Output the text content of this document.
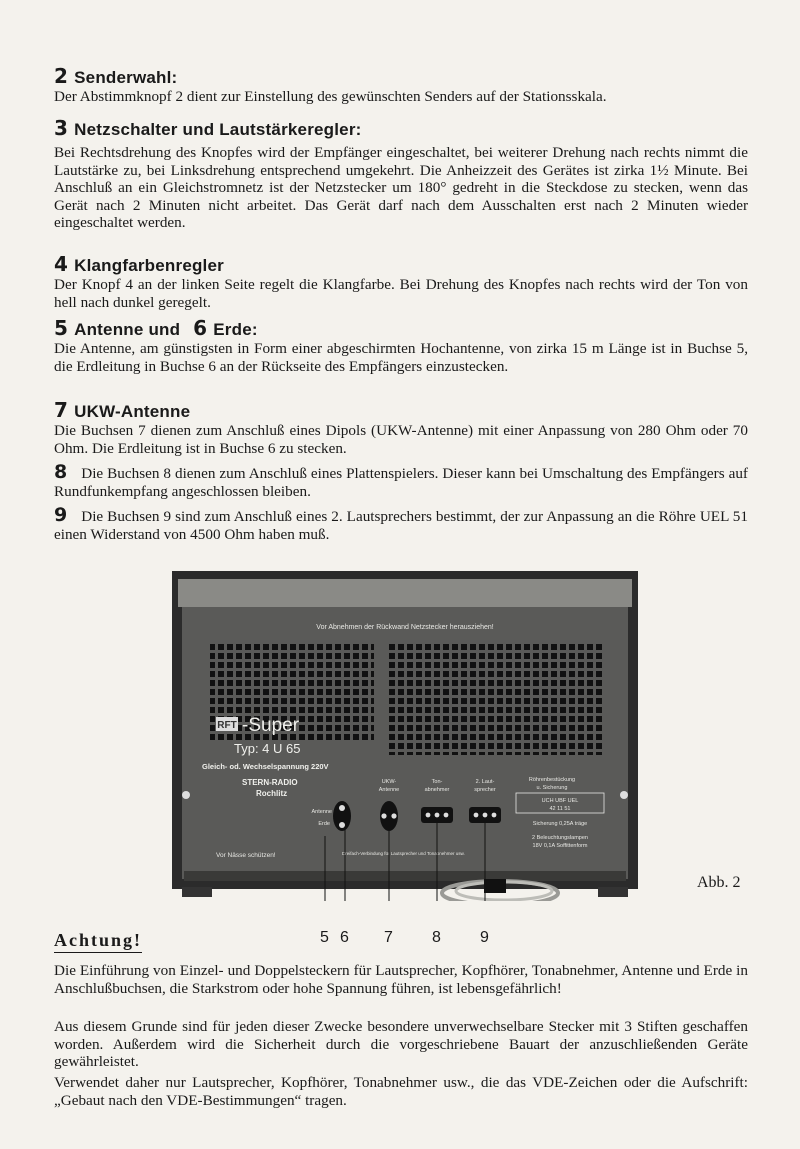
2 Senderwahl:
Der Abstimmknopf 2 dient zur Einstellung des gewünschten Senders auf der Stationsskala.
3 Netzschalter und Lautstärkeregler:
Bei Rechtsdrehung des Knopfes wird der Empfänger eingeschaltet, bei weiterer Drehung nach rechts nimmt die Lautstärke zu, bei Linksdrehung entsprechend umgekehrt. Die Anheizzeit des Gerätes ist zirka 1½ Minute. Bei Anschluß an ein Gleichstromnetz ist der Netzstecker um 180° gedreht in die Steckdose zu stecken, wenn das Gerät nach 2 Minuten nicht arbeitet. Das Gerät darf nach dem Ausschalten erst nach 2 Minuten wieder eingeschaltet werden.
4 Klangfarbenregler
Der Knopf 4 an der linken Seite regelt die Klangfarbe. Bei Drehung des Knopfes nach rechts wird der Ton von hell nach dunkel geregelt.
5 Antenne und 6 Erde:
Die Antenne, am günstigsten in Form einer abgeschirmten Hochantenne, von zirka 15 m Länge ist in Buchse 5, die Erdleitung in Buchse 6 an der Rückseite des Empfängers einzustecken.
7 UKW-Antenne
Die Buchsen 7 dienen zum Anschluß eines Dipols (UKW-Antenne) mit einer Anpassung von 280 Ohm oder 70 Ohm. Die Erdleitung ist in Buchse 6 zu stecken.
8 Die Buchsen 8 dienen zum Anschluß eines Plattenspielers. Dieser kann bei Umschaltung des Empfängers auf Rundfunkempfang angeschlossen bleiben.
9 Die Buchsen 9 sind zum Anschluß eines 2. Lautsprechers bestimmt, der zur Anpassung an die Röhre UEL 51 einen Widerstand von 4500 Ohm haben muß.
Vor Abnehmen der Rückwand Netzstecker herausziehen!
RFT -Super
Typ: 4 U 65
Gleich- od. Wechselspannung 220V
STERN-RADIO
Rochlitz
Antenne
Erde
UKW-
Antenne
Ton-
abnehmer
2. Laut-
sprecher
Röhrenbestückung
u. Sicherung
UCH UBF UEL
42 11 51
Sicherung 0,25A träge
2 Beleuchtungslampen
18V 0,1A Soffittenform
Vor Nässe schützen!	Dreifach-Verbindung für Lautsprecher und Tonabnehmer usw.
5 6 7 8 9
Abb. 2
Achtung!
Die Einführung von Einzel- und Doppelsteckern für Lautsprecher, Kopfhörer, Tonabnehmer, Antenne und Erde in Anschlußbuchsen, die Starkstrom oder hohe Spannung führen, ist lebensgefährlich!
Aus diesem Grunde sind für jeden dieser Zwecke besondere unverwechselbare Stecker mit 3 Stiften geschaffen worden. Außerdem wird die Sicherheit durch die vorgeschriebene Bauart der anzuschließenden Geräte gewährleistet.
Verwendet daher nur Lautsprecher, Kopfhörer, Tonabnehmer usw., die das VDE-Zeichen oder die Aufschrift: „Gebaut nach den VDE-Bestimmungen“ tragen.
